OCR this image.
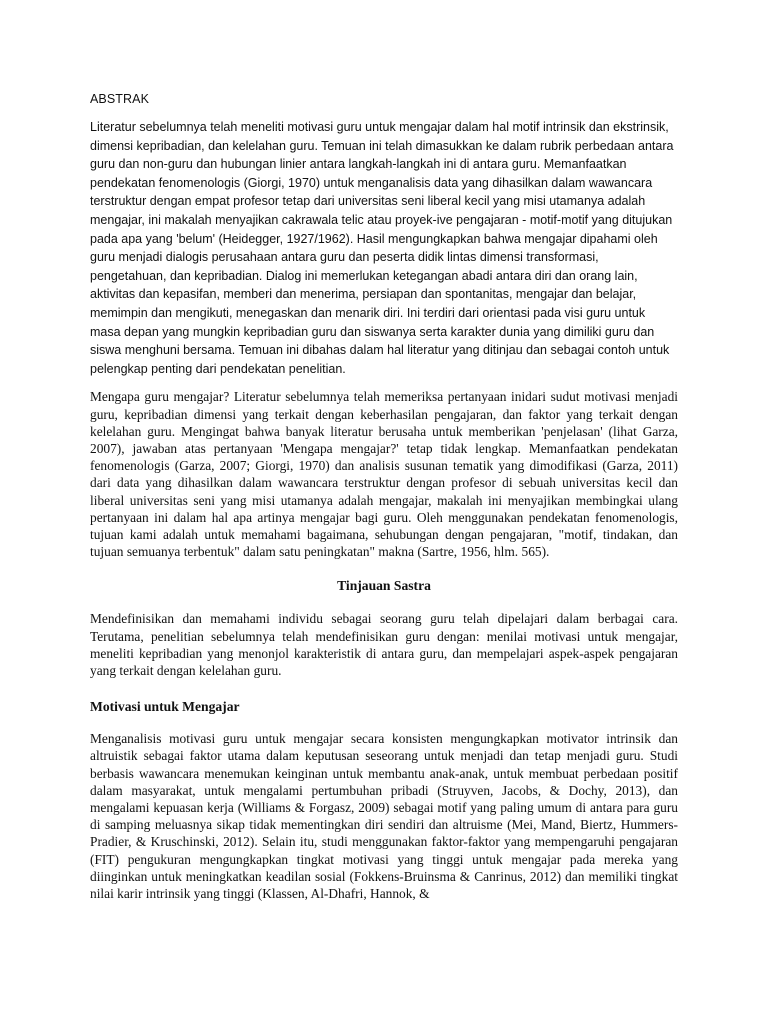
ABSTRAK

Literatur sebelumnya telah meneliti motivasi guru untuk mengajar dalam hal motif intrinsik dan ekstrinsik, dimensi kepribadian, dan kelelahan guru. Temuan ini telah dimasukkan ke dalam rubrik perbedaan antara guru dan non-guru dan hubungan linier antara langkah-langkah ini di antara guru. Memanfaatkan pendekatan fenomenologis (Giorgi, 1970) untuk menganalisis data yang dihasilkan dalam wawancara terstruktur dengan empat profesor tetap dari universitas seni liberal kecil yang misi utamanya adalah mengajar, ini makalah menyajikan cakrawala telic atau proyek-ive pengajaran - motif-motif yang ditujukan pada apa yang 'belum' (Heidegger, 1927/1962). Hasil mengungkapkan bahwa mengajar dipahami oleh guru menjadi dialogis perusahaan antara guru dan peserta didik lintas dimensi transformasi, pengetahuan, dan kepribadian. Dialog ini memerlukan ketegangan abadi antara diri dan orang lain, aktivitas dan kepasifan, memberi dan menerima, persiapan dan spontanitas, mengajar dan belajar, memimpin dan mengikuti, menegaskan dan menarik diri. Ini terdiri dari orientasi pada visi guru untuk masa depan yang mungkin kepribadian guru dan siswanya serta karakter dunia yang dimiliki guru dan siswa menghuni bersama. Temuan ini dibahas dalam hal literatur yang ditinjau dan sebagai contoh untuk pelengkap penting dari pendekatan penelitian.

Mengapa guru mengajar? Literatur sebelumnya telah memeriksa pertanyaan inidari sudut motivasi menjadi guru, kepribadian dimensi yang terkait dengan keberhasilan pengajaran, dan faktor yang terkait dengan kelelahan guru. Mengingat bahwa banyak literatur berusaha untuk memberikan 'penjelasan' (lihat Garza, 2007), jawaban atas pertanyaan 'Mengapa mengajar?' tetap tidak lengkap. Memanfaatkan pendekatan fenomenologis (Garza, 2007; Giorgi, 1970) dan analisis susunan tematik yang dimodifikasi (Garza, 2011) dari data yang dihasilkan dalam wawancara terstruktur dengan profesor di sebuah universitas kecil dan liberal universitas seni yang misi utamanya adalah mengajar, makalah ini menyajikan membingkai ulang pertanyaan ini dalam hal apa artinya mengajar bagi guru. Oleh menggunakan pendekatan fenomenologis, tujuan kami adalah untuk memahami bagaimana, sehubungan dengan pengajaran, "motif, tindakan, dan tujuan semuanya terbentuk" dalam satu peningkatan" makna (Sartre, 1956, hlm. 565).

Tinjauan Sastra

Mendefinisikan dan memahami individu sebagai seorang guru telah dipelajari dalam berbagai cara. Terutama, penelitian sebelumnya telah mendefinisikan guru dengan: menilai motivasi untuk mengajar, meneliti kepribadian yang menonjol karakteristik di antara guru, dan mempelajari aspek-aspek pengajaran yang terkait dengan kelelahan guru.

Motivasi untuk Mengajar

Menganalisis motivasi guru untuk mengajar secara konsisten mengungkapkan motivator intrinsik dan altruistik sebagai faktor utama dalam keputusan seseorang untuk menjadi dan tetap menjadi guru. Studi berbasis wawancara menemukan keinginan untuk membantu anak-anak, untuk membuat perbedaan positif dalam masyarakat, untuk mengalami pertumbuhan pribadi (Struyven, Jacobs, & Dochy, 2013), dan mengalami kepuasan kerja (Williams & Forgasz, 2009) sebagai motif yang paling umum di antara para guru di samping meluasnya sikap tidak mementingkan diri sendiri dan altruisme (Mei, Mand, Biertz, Hummers-Pradier, & Kruschinski, 2012). Selain itu, studi menggunakan faktor-faktor yang mempengaruhi pengajaran (FIT) pengukuran mengungkapkan tingkat motivasi yang tinggi untuk mengajar pada mereka yang diinginkan untuk meningkatkan keadilan sosial (Fokkens-Bruinsma & Canrinus, 2012) dan memiliki tingkat nilai karir intrinsik yang tinggi (Klassen, Al-Dhafri, Hannok, &
